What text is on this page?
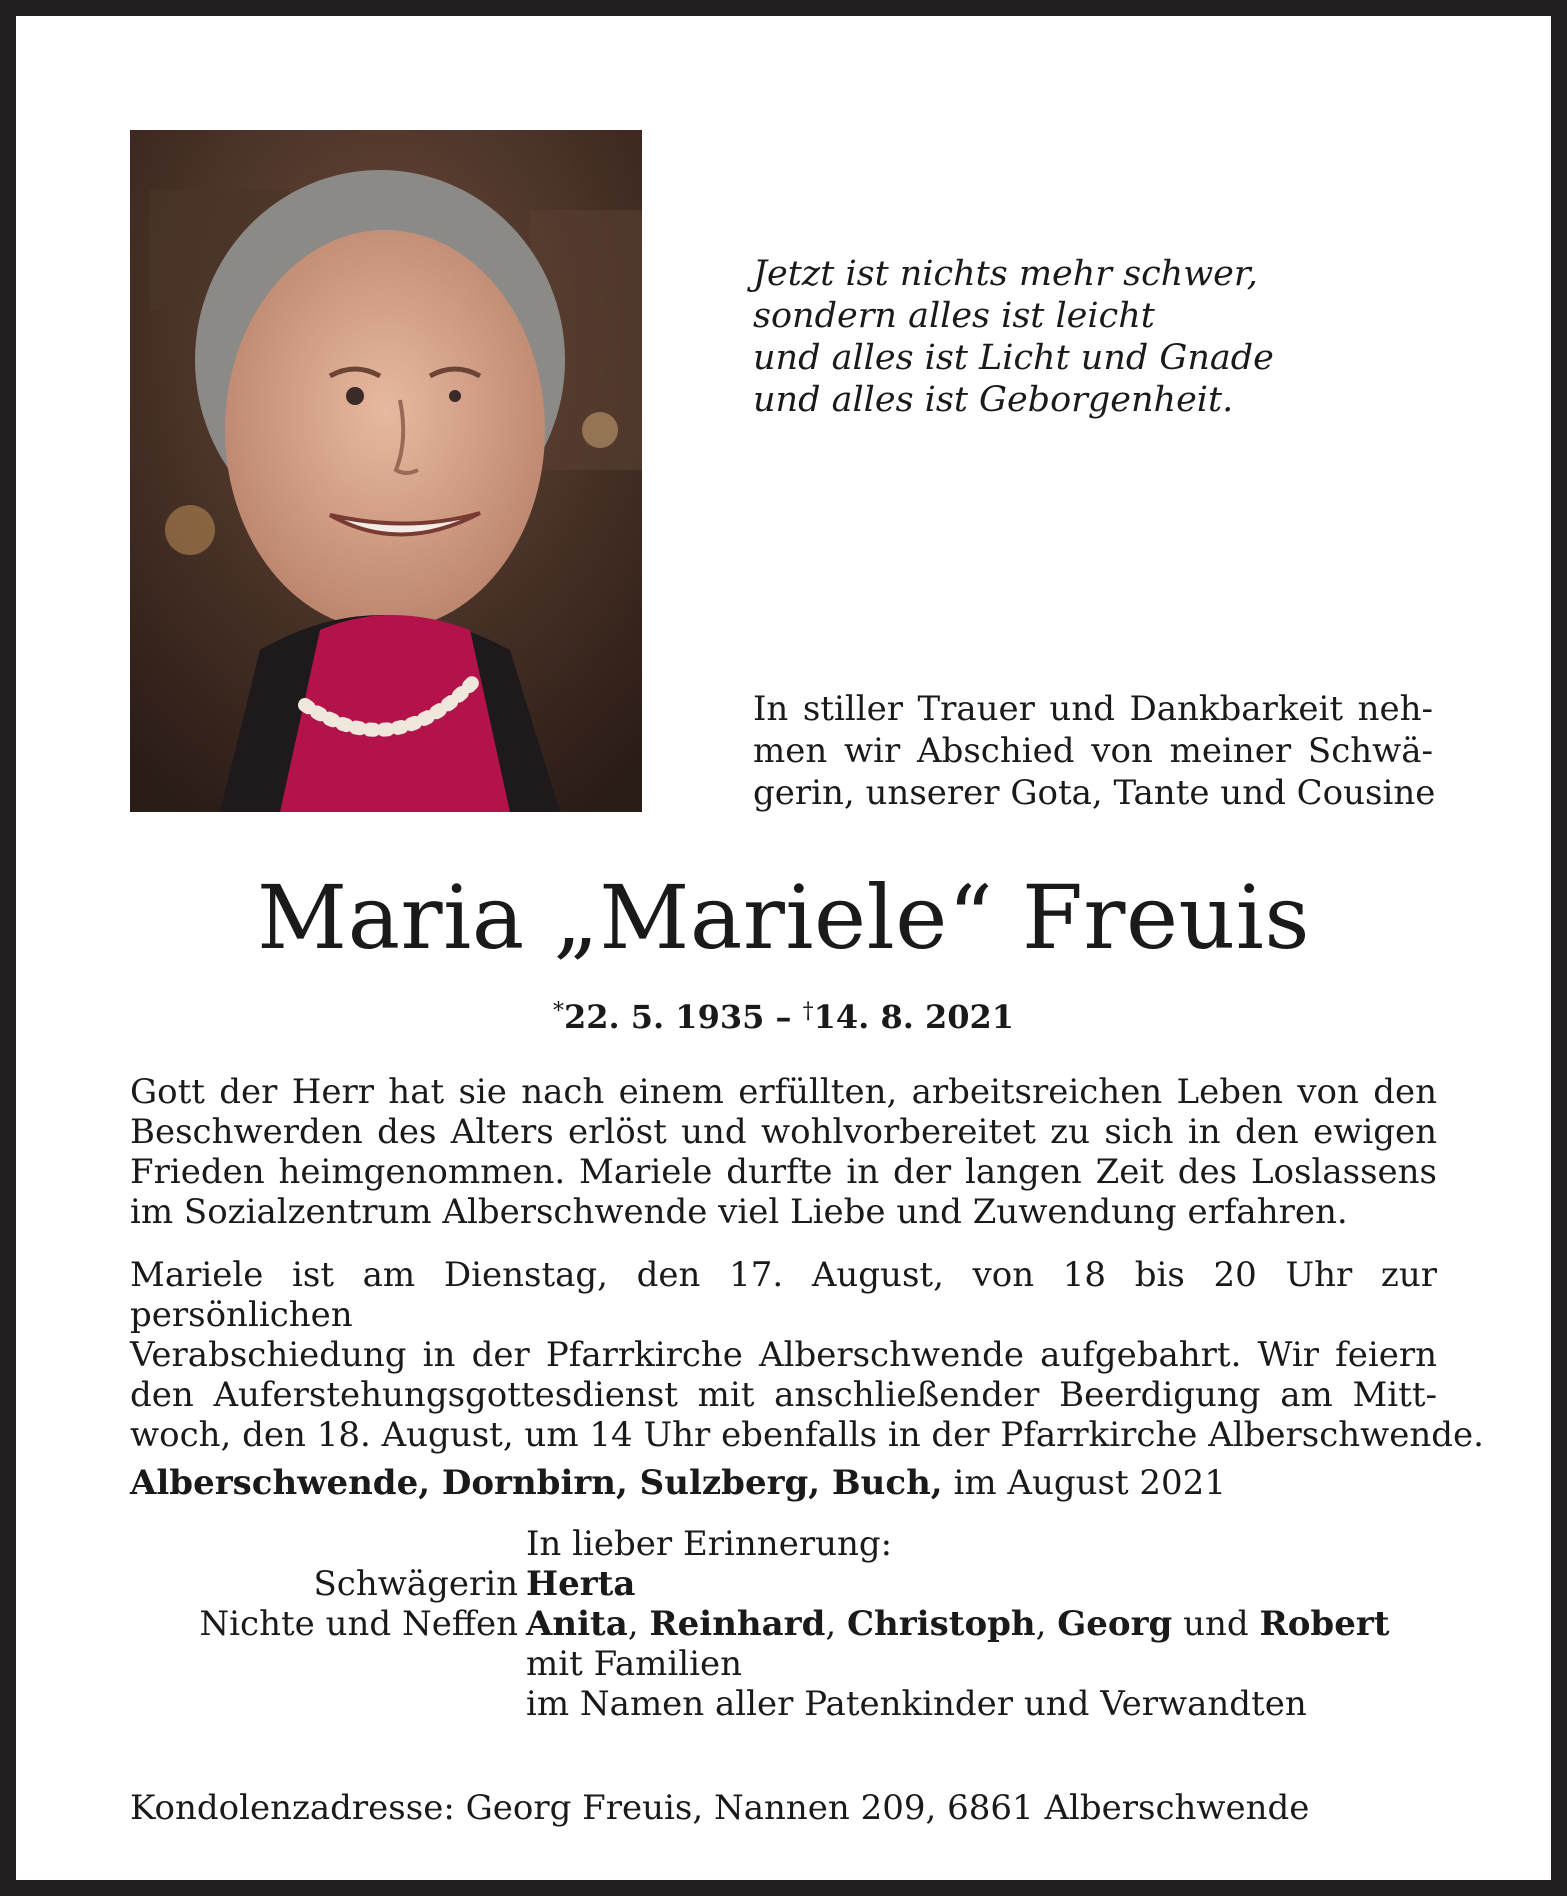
Jetzt ist nichts mehr schwer,
sondern alles ist leicht
und alles ist Licht und Gnade
und alles ist Geborgenheit.
In stiller Trauer und Dankbarkeit neh-
men wir Abschied von meiner Schwä-
gerin, unserer Gota, Tante und Cousine
Maria „Mariele“ Freuis
*22. 5. 1935 – †14. 8. 2021
Gott der Herr hat sie nach einem erfüllten, arbeitsreichen Leben von den
Beschwerden des Alters erlöst und wohlvorbereitet zu sich in den ewigen
Frieden heimgenommen. Mariele durfte in der langen Zeit des Loslassens
im Sozialzentrum Alberschwende viel Liebe und Zuwendung erfahren.
Mariele ist am Dienstag, den 17. August, von 18 bis 20 Uhr zur persönlichen
Verabschiedung in der Pfarrkirche Alberschwende aufgebahrt. Wir feiern
den Auferstehungsgottesdienst mit anschließender Beerdigung am Mitt-
woch, den 18. August, um 14 Uhr ebenfalls in der Pfarrkirche Alberschwende.
Alberschwende, Dornbirn, Sulzberg, Buch, im August 2021
In lieber Erinnerung:
Schwägerin Herta
Nichte und Neffen Anita, Reinhard, Christoph, Georg und Robert
mit Familien
im Namen aller Patenkinder und Verwandten
Kondolenzadresse: Georg Freuis, Nannen 209, 6861 Alberschwende
